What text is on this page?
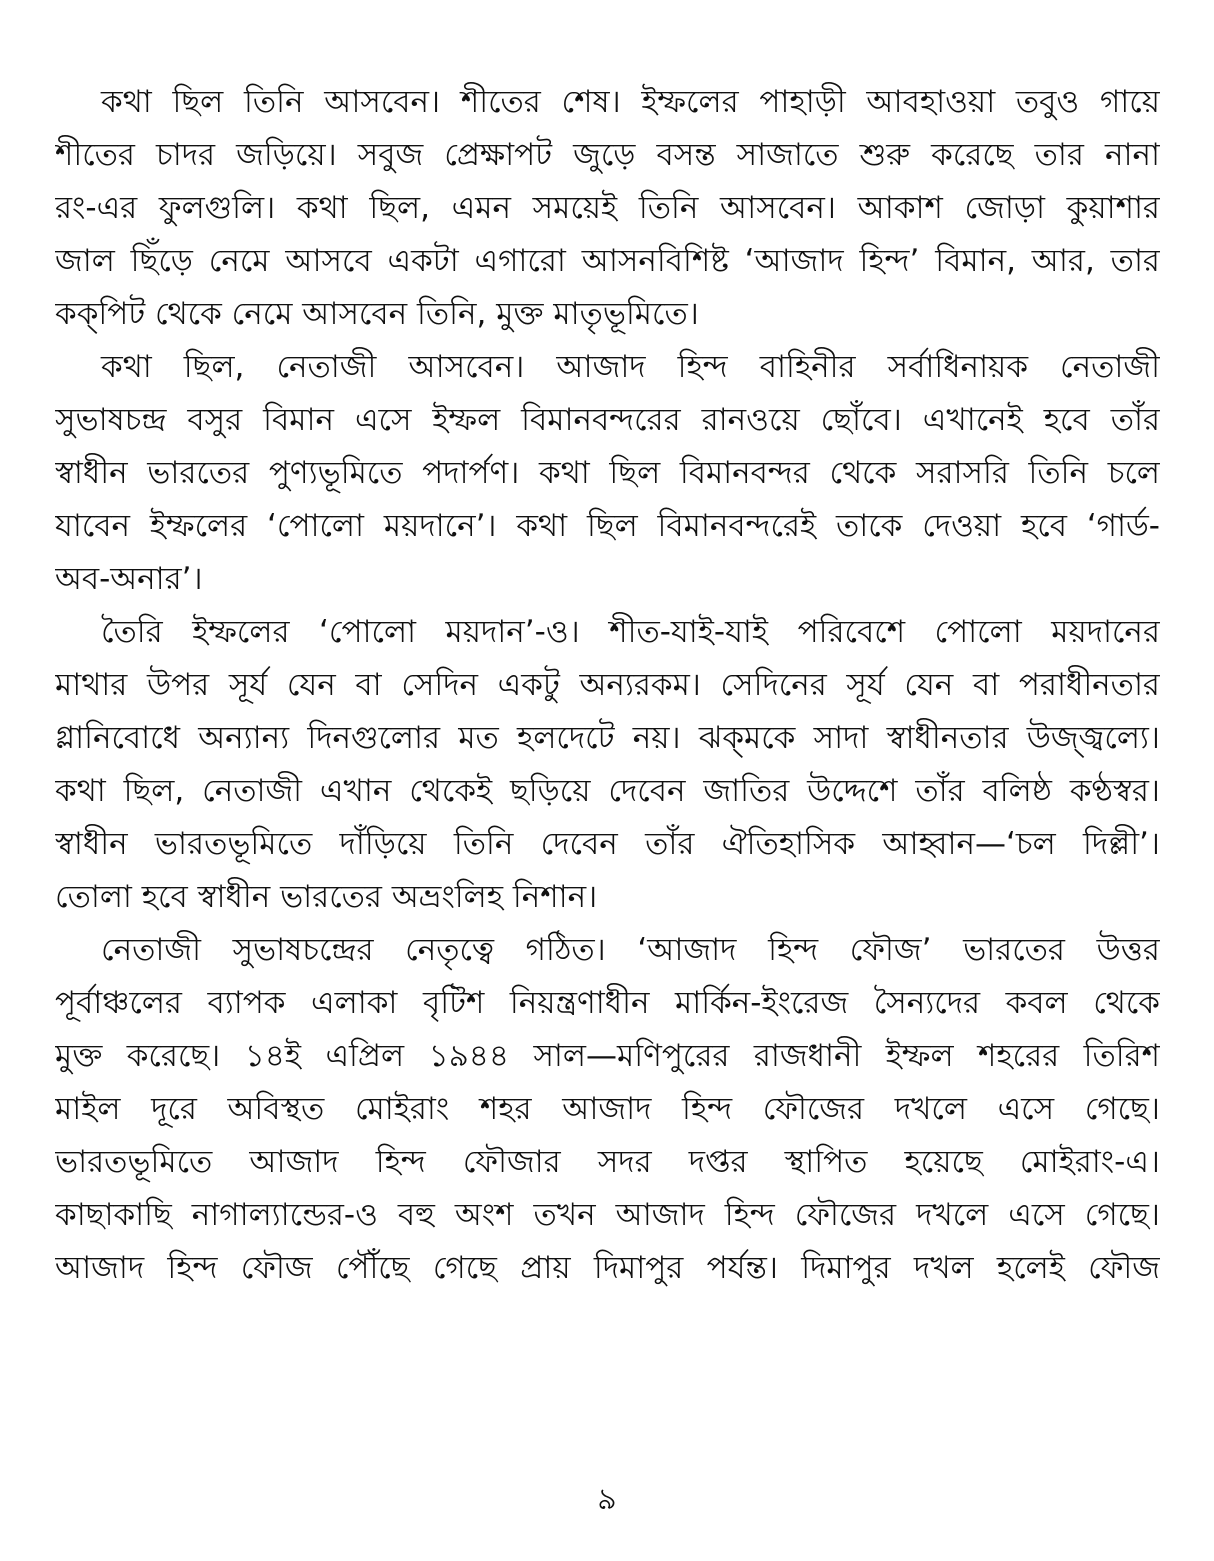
কথা ছিল তিনি আসবেন। শীতের শেষ। ইম্ফলের পাহাড়ী আবহাওয়া তবুও গায়ে
শীতের চাদর জড়িয়ে। সবুজ প্রেক্ষাপট জুড়ে বসন্ত সাজাতে শুরু করেছে তার নানা
রং-এর ফুলগুলি। কথা ছিল, এমন সময়েই তিনি আসবেন। আকাশ জোড়া কুয়াশার
জাল ছিঁড়ে নেমে আসবে একটা এগারো আসনবিশিষ্ট ‘আজাদ হিন্দ’ বিমান, আর, তার
কক্‌পিট থেকে নেমে আসবেন তিনি, মুক্ত মাতৃভূমিতে।
কথা ছিল, নেতাজী আসবেন। আজাদ হিন্দ বাহিনীর সর্বাধিনায়ক নেতাজী
সুভাষচন্দ্র বসুর বিমান এসে ইম্ফল বিমানবন্দরের রানওয়ে ছোঁবে। এখানেই হবে তাঁর
স্বাধীন ভারতের পুণ্যভূমিতে পদার্পণ। কথা ছিল বিমানবন্দর থেকে সরাসরি তিনি চলে
যাবেন ইম্ফলের ‘পোলো ময়দানে’। কথা ছিল বিমানবন্দরেই তাকে দেওয়া হবে ‘গার্ড-
অব-অনার’।
তৈরি ইম্ফলের ‘পোলো ময়দান’-ও। শীত-যাই-যাই পরিবেশে পোলো ময়দানের
মাথার উপর সূর্য যেন বা সেদিন একটু অন্যরকম। সেদিনের সূর্য যেন বা পরাধীনতার
গ্লানিবোধে অন্যান্য দিনগুলোর মত হলদেটে নয়। ঝক্‌মকে সাদা স্বাধীনতার উজ্জ্বল্যে।
কথা ছিল, নেতাজী এখান থেকেই ছড়িয়ে দেবেন জাতির উদ্দেশে তাঁর বলিষ্ঠ কণ্ঠস্বর।
স্বাধীন ভারতভূমিতে দাঁড়িয়ে তিনি দেবেন তাঁর ঐতিহাসিক আহ্বান—‘চল দিল্লী’।
তোলা হবে স্বাধীন ভারতের অভ্রংলিহ নিশান।
নেতাজী সুভাষচন্দ্রের নেতৃত্বে গঠিত। ‘আজাদ হিন্দ ফৌজ’ ভারতের উত্তর
পূর্বাঞ্চলের ব্যাপক এলাকা বৃটিশ নিয়ন্ত্রণাধীন মার্কিন-ইংরেজ সৈন্যদের কবল থেকে
মুক্ত করেছে। ১৪ই এপ্রিল ১৯৪৪ সাল—মণিপুরের রাজধানী ইম্ফল শহরের তিরিশ
মাইল দূরে অবিস্থত মোইরাং শহর আজাদ হিন্দ ফৌজের দখলে এসে গেছে।
ভারতভূমিতে আজাদ হিন্দ ফৌজার সদর দপ্তর স্থাপিত হয়েছে মোইরাং-এ।
কাছাকাছি নাগাল্যান্ডের-ও বহু অংশ তখন আজাদ হিন্দ ফৌজের দখলে এসে গেছে।
আজাদ হিন্দ ফৌজ পৌঁছে গেছে প্রায় দিমাপুর পর্যন্ত। দিমাপুর দখল হলেই ফৌজ
৯
